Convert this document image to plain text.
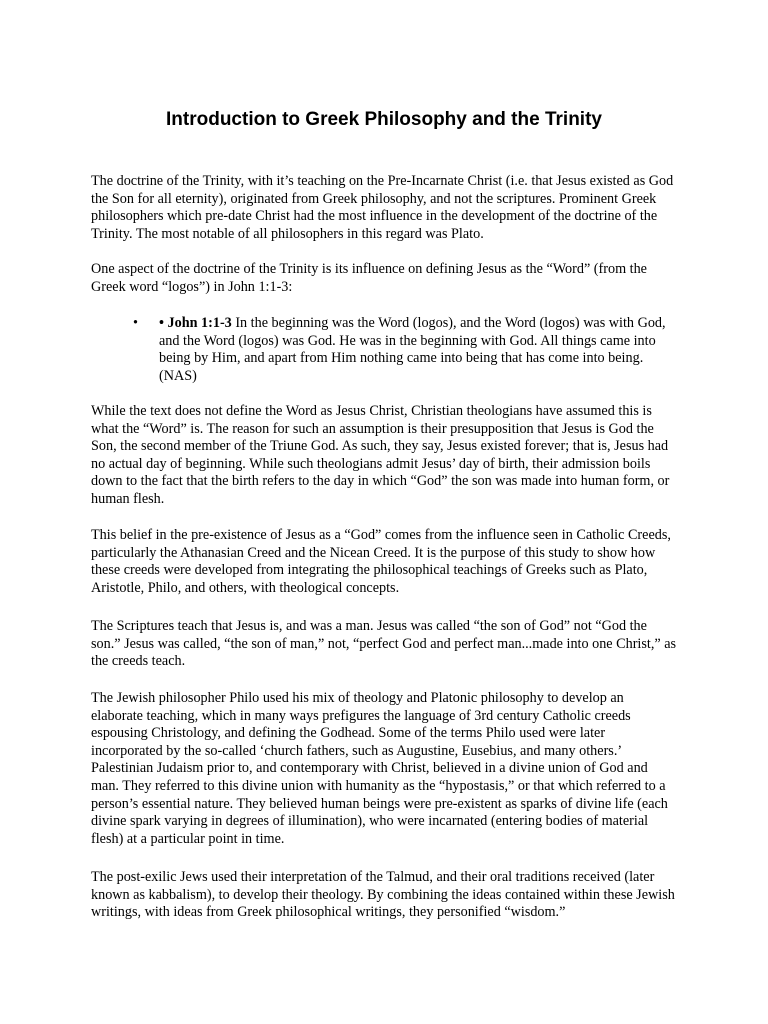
Introduction to Greek Philosophy and the Trinity

The doctrine of the Trinity, with it’s teaching on the Pre-Incarnate Christ (i.e. that Jesus existed as God the Son for all eternity), originated from Greek philosophy, and not the scriptures. Prominent Greek philosophers which pre-date Christ had the most influence in the development of the doctrine of the Trinity. The most notable of all philosophers in this regard was Plato.

One aspect of the doctrine of the Trinity is its influence on defining Jesus as the “Word” (from the Greek word “logos”) in John 1:1-3:

• • John 1:1-3 In the beginning was the Word (logos), and the Word (logos) was with God, and the Word (logos) was God. He was in the beginning with God. All things came into being by Him, and apart from Him nothing came into being that has come into being. (NAS)

While the text does not define the Word as Jesus Christ, Christian theologians have assumed this is what the “Word” is. The reason for such an assumption is their presupposition that Jesus is God the Son, the second member of the Triune God. As such, they say, Jesus existed forever; that is, Jesus had no actual day of beginning. While such theologians admit Jesus’ day of birth, their admission boils down to the fact that the birth refers to the day in which “God” the son was made into human form, or human flesh.

This belief in the pre-existence of Jesus as a “God” comes from the influence seen in Catholic Creeds, particularly the Athanasian Creed and the Nicean Creed. It is the purpose of this study to show how these creeds were developed from integrating the philosophical teachings of Greeks such as Plato, Aristotle, Philo, and others, with theological concepts.

The Scriptures teach that Jesus is, and was a man. Jesus was called “the son of God” not “God the son.” Jesus was called, “the son of man,” not, “perfect God and perfect man...made into one Christ,” as the creeds teach.

The Jewish philosopher Philo used his mix of theology and Platonic philosophy to develop an elaborate teaching, which in many ways prefigures the language of 3rd century Catholic creeds espousing Christology, and defining the Godhead. Some of the terms Philo used were later incorporated by the so-called ‘church fathers, such as Augustine, Eusebius, and many others.’ Palestinian Judaism prior to, and contemporary with Christ, believed in a divine union of God and man. They referred to this divine union with humanity as the “hypostasis,” or that which referred to a person’s essential nature. They believed human beings were pre-existent as sparks of divine life (each divine spark varying in degrees of illumination), who were incarnated (entering bodies of material flesh) at a particular point in time.

The post-exilic Jews used their interpretation of the Talmud, and their oral traditions received (later known as kabbalism), to develop their theology. By combining the ideas contained within these Jewish writings, with ideas from Greek philosophical writings, they personified “wisdom.”
